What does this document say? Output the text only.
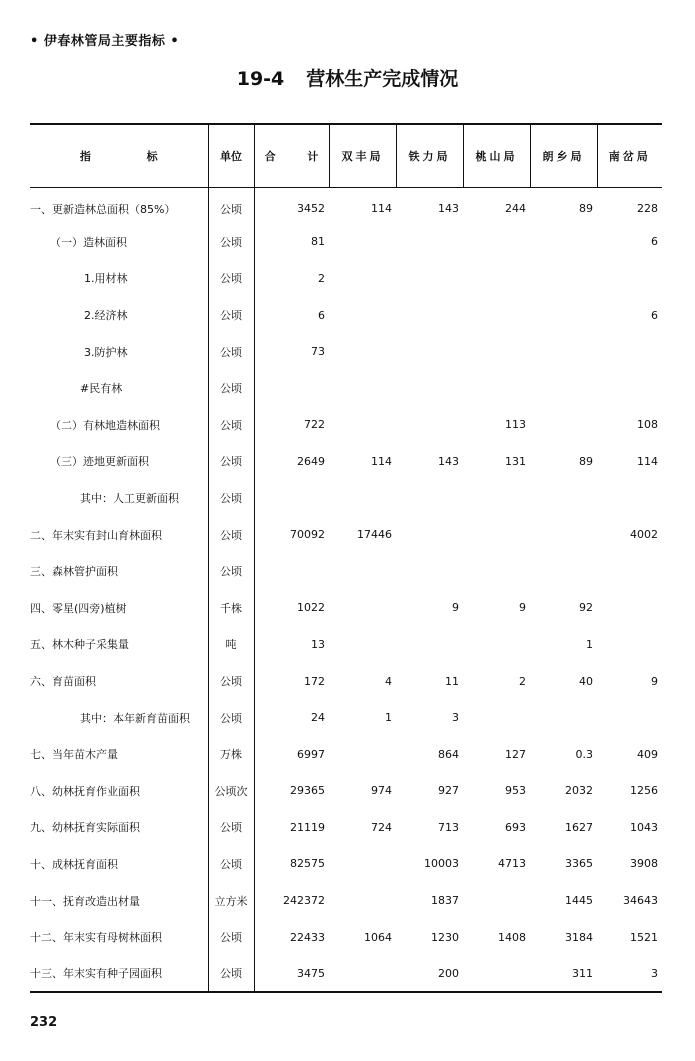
• 伊春林管局主要指标 •
19-4 营林生产完成情况
指 标	单位	合 计	双丰局	铁力局	桃山局	朗乡局	南岔局
一、更新造林总面积（85%）	公顷	3452	114	143	244	89	228
（一）造林面积	公顷	81					6
1.用材林	公顷	2					
2.经济林	公顷	6					6
3.防护林	公顷	73					
#民有林	公顷						
（二）有林地造林面积	公顷	722			113		108
（三）迹地更新面积	公顷	2649	114	143	131	89	114
其中：人工更新面积	公顷						
二、年末实有封山育林面积	公顷	70092	17446				4002
三、森林管护面积	公顷						
四、零星(四旁)植树	千株	1022		9	9	92	
五、林木种子采集量	吨	13				1	
六、育苗面积	公顷	172	4	11	2	40	9
其中：本年新育苗面积	公顷	24	1	3			
七、当年苗木产量	万株	6997		864	127	0.3	409
八、幼林抚育作业面积	公顷次	29365	974	927	953	2032	1256
九、幼林抚育实际面积	公顷	21119	724	713	693	1627	1043
十、成林抚育面积	公顷	82575		10003	4713	3365	3908
十一、抚育改造出材量	立方米	242372		1837		1445	34643
十二、年末实有母树林面积	公顷	22433	1064	1230	1408	3184	1521
十三、年末实有种子园面积	公顷	3475		200		311	3
232
